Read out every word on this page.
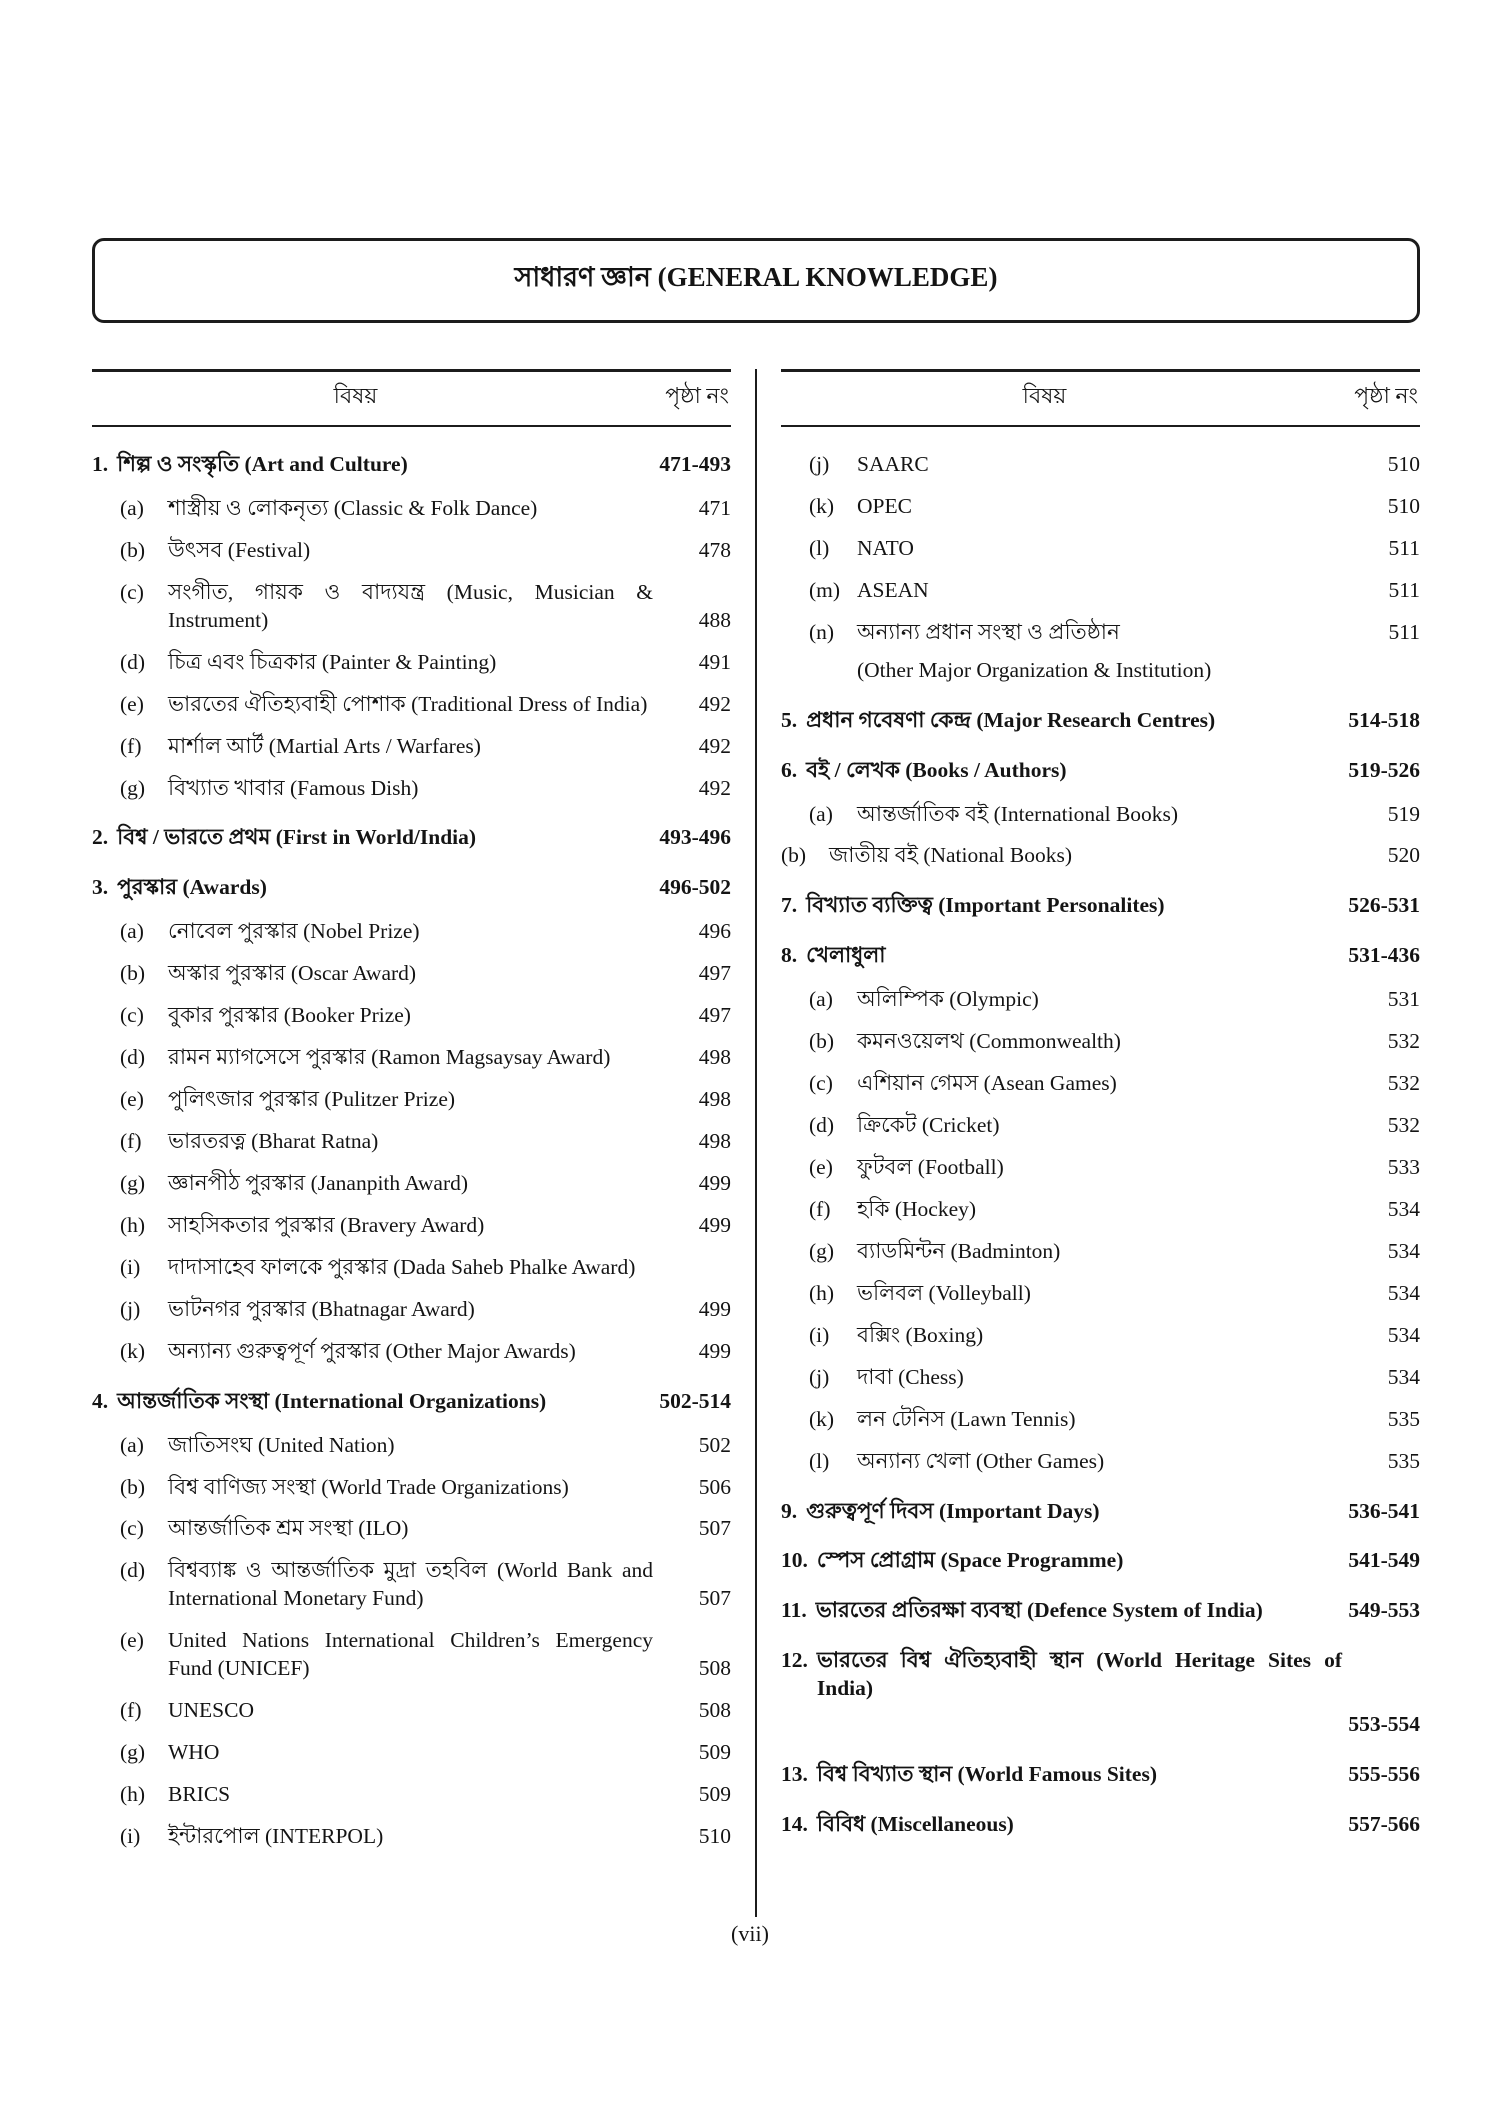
সাধারণ জ্ঞান (GENERAL KNOWLEDGE)
বিষয়	পৃষ্ঠা নং
1. শিল্প ও সংস্কৃতি (Art and Culture)	471-493
(a)	শাস্ত্রীয় ও লোকনৃত্য (Classic & Folk Dance)	471
(b)	উৎসব (Festival)	478
(c)	সংগীত, গায়ক ও বাদ্যযন্ত্র (Music, Musician & Instrument)	488
(d)	চিত্র এবং চিত্রকার (Painter & Painting)	491
(e)	ভারতের ঐতিহ্যবাহী পোশাক (Traditional Dress of India)	492
(f)	মার্শাল আর্ট (Martial Arts / Warfares)	492
(g)	বিখ্যাত খাবার (Famous Dish)	492
2. বিশ্ব / ভারতে প্রথম (First in World/India)	493-496
3. পুরস্কার (Awards)	496-502
(a)	নোবেল পুরস্কার (Nobel Prize)	496
(b)	অস্কার পুরস্কার (Oscar Award)	497
(c)	বুকার পুরস্কার (Booker Prize)	497
(d)	রামন ম্যাগসেসে পুরস্কার (Ramon Magsaysay Award)	498
(e)	পুলিৎজার পুরস্কার (Pulitzer Prize)	498
(f)	ভারতরত্ন (Bharat Ratna)	498
(g)	জ্ঞানপীঠ পুরস্কার (Jananpith Award)	499
(h)	সাহসিকতার পুরস্কার (Bravery Award)	499
(i)	দাদাসাহেব ফালকে পুরস্কার (Dada Saheb Phalke Award)
(j)	ভাটনগর পুরস্কার (Bhatnagar Award)	499
(k)	অন্যান্য গুরুত্বপূর্ণ পুরস্কার (Other Major Awards)	499
4. আন্তর্জাতিক সংস্থা (International Organizations)	502-514
(a)	জাতিসংঘ (United Nation)	502
(b)	বিশ্ব বাণিজ্য সংস্থা (World Trade Organizations)	506
(c)	আন্তর্জাতিক শ্রম সংস্থা (ILO)	507
(d)	বিশ্বব্যাঙ্ক ও আন্তর্জাতিক মুদ্রা তহবিল (World Bank and International Monetary Fund)	507
(e)	United Nations International Children’s Emergency Fund (UNICEF)	508
(f)	UNESCO	508
(g)	WHO	509
(h)	BRICS	509
(i)	ইন্টারপোল (INTERPOL)	510
বিষয়	পৃষ্ঠা নং
(j)	SAARC	510
(k)	OPEC	510
(l)	NATO	511
(m) ASEAN	511
(n)	অন্যান্য প্রধান সংস্থা ও প্রতিষ্ঠান	511
(Other Major Organization & Institution)
5. প্রধান গবেষণা কেন্দ্র (Major Research Centres)	514-518
6. বই / লেখক (Books / Authors)	519-526
(a)	আন্তর্জাতিক বই (International Books)	519
(b)	জাতীয় বই (National Books)	520
7. বিখ্যাত ব্যক্তিত্ব (Important Personalites)	526-531
8. খেলাধুলা	531-436
(a)	অলিম্পিক (Olympic)	531
(b)	কমনওয়েলথ (Commonwealth)	532
(c)	এশিয়ান গেমস (Asean Games)	532
(d)	ক্রিকেট (Cricket)	532
(e)	ফুটবল (Football)	533
(f)	হকি (Hockey)	534
(g)	ব্যাডমিন্টন (Badminton)	534
(h)	ভলিবল (Volleyball)	534
(i)	বক্সিং (Boxing)	534
(j)	দাবা (Chess)	534
(k)	লন টেনিস (Lawn Tennis)	535
(l)	অন্যান্য খেলা (Other Games)	535
9. গুরুত্বপূর্ণ দিবস (Important Days)	536-541
10. স্পেস প্রোগ্রাম (Space Programme)	541-549
11. ভারতের প্রতিরক্ষা ব্যবস্থা (Defence System of India)	549-553
12. ভারতের বিশ্ব ঐতিহ্যবাহী স্থান (World Heritage Sites of India)
553-554
13. বিশ্ব বিখ্যাত স্থান (World Famous Sites)	555-556
14. বিবিধ (Miscellaneous)	557-566
(vii)
